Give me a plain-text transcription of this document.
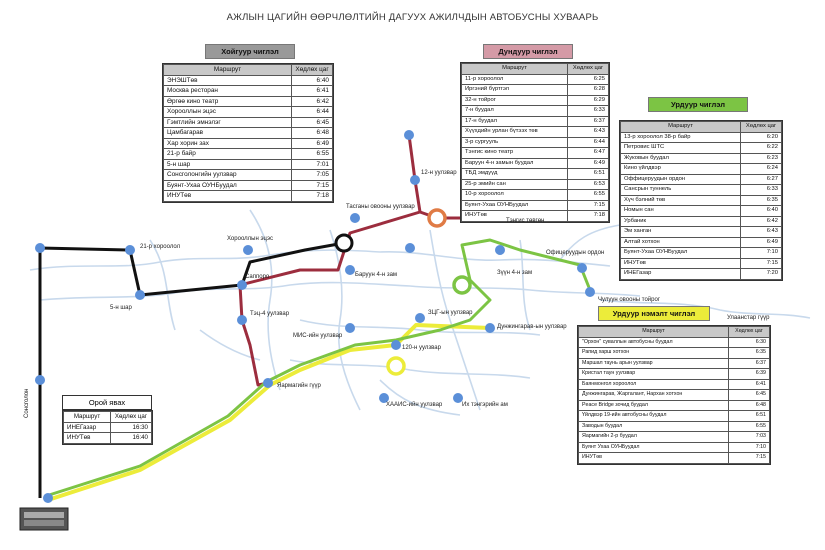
АЖЛЫН ЦАГИЙН ӨӨРЧЛӨЛТИЙН ДАГУУХ АЖИЛЧДЫН АВТОБУСНЫ ХУВААРЬ
Хойгуур чиглэл
Маршрут	Хөдлөх цаг
ЭНЭШТөв	6:40
Москва ресторан	6:41
Өргөө кино театр	6:42
Хорооллын эцэс	6:44
Гэмтлийн эмнэлэг	6:45
Цамбагарав	6:48
Хар хорин зах	6:49
21-р байр	6:55
5-н шар	7:01
Сонсголонгийн уулзвар	7:05
Буянт-Ухаа ОУНБуудал	7:15
ИНУТөв	7:18
Дундуур чиглэл
Маршрут	Хөдлөх цаг
11-р хороолол	6:25
Иргэний бүртгэл	6:28
32-н тойрог	6:29
7-н буудал	6:33
17-н буудал	6:37
Хүүхдийн урлан бүтээх төв	6:43
3-р сургууль	6:44
Тэнгис кино театр	6:47
Баруун 4-н замын буудал	6:49
ТБД эмдүүд	6:51
25-р эмийн сан	6:53
10-р хороолол	6:55
Буянт-Ухаа ОУНБуудал	7:15
ИНУТөв	7:18
Урдуур чиглэл
Маршрут	Хөдлөх цаг
13-р хороолол 38-р байр	6:20
Петровис ШТС	6:22
Жуковын буудал	6:23
Кино үйлдвэр	6:24
Оффицеруудын ордон	6:27
Сансрын туннель	6:33
Хүч бэлний төв	6:35
Номын сан	6:40
Урбаник	6:42
Эм ханган	6:43
Алтай хотхон	6:49
Буянт-Ухаа ОУНБуудал	7:10
ИНУТөв	7:15
ИНЕГазар	7:20
Урдуур нэмэлт чиглэл
Маршрут	Хөдлөх цаг
"Орхон" суваллын автобусны буудал	6:30
Рапид харш хотхон	6:35
Маршал таунь арын уулзвар	6:37
Кристал таун уулзвар	6:39
Баянмонгол хороолол	6:41
Дунжингарав, Жаргалант, Нархан хотхон	6:45
Peace Bridge зочид буудал	6:48
Үйлдвэр 19-ийн автобусны буудал	6:51
Заводын буудал	6:55
Яармагийн 2-р буудал	7:03
Буянт Ухаа ОУНБуудал	7:10
ИНУТөв	7:15
Орой явах
Маршрут	Хөдлөх цаг
ИНЕГазар	16:30
ИНУТөв	16:40
21-р хороолол
5-н шар
Хорооллын эцэс
Саппоро
Тэц-4 уулзвар
Тасганы овооны уулзвар
12-н уулзвар
Баруун 4-н зам
Тэнгис төвгөн
Зүүн 4-н зам
Офицеруудын ордон
Чулуун овооны тойрог
МИС-ийн уулзвар
ЗЦГ-ын уулзвар
Дунжингарав-ын уулзвар
120-н уулзвар
Яармагийн гүүр
ХААИС-ийн уулзвар	Их тэнгэрийн ам
Улаанстар гүүр
Сонсголон
